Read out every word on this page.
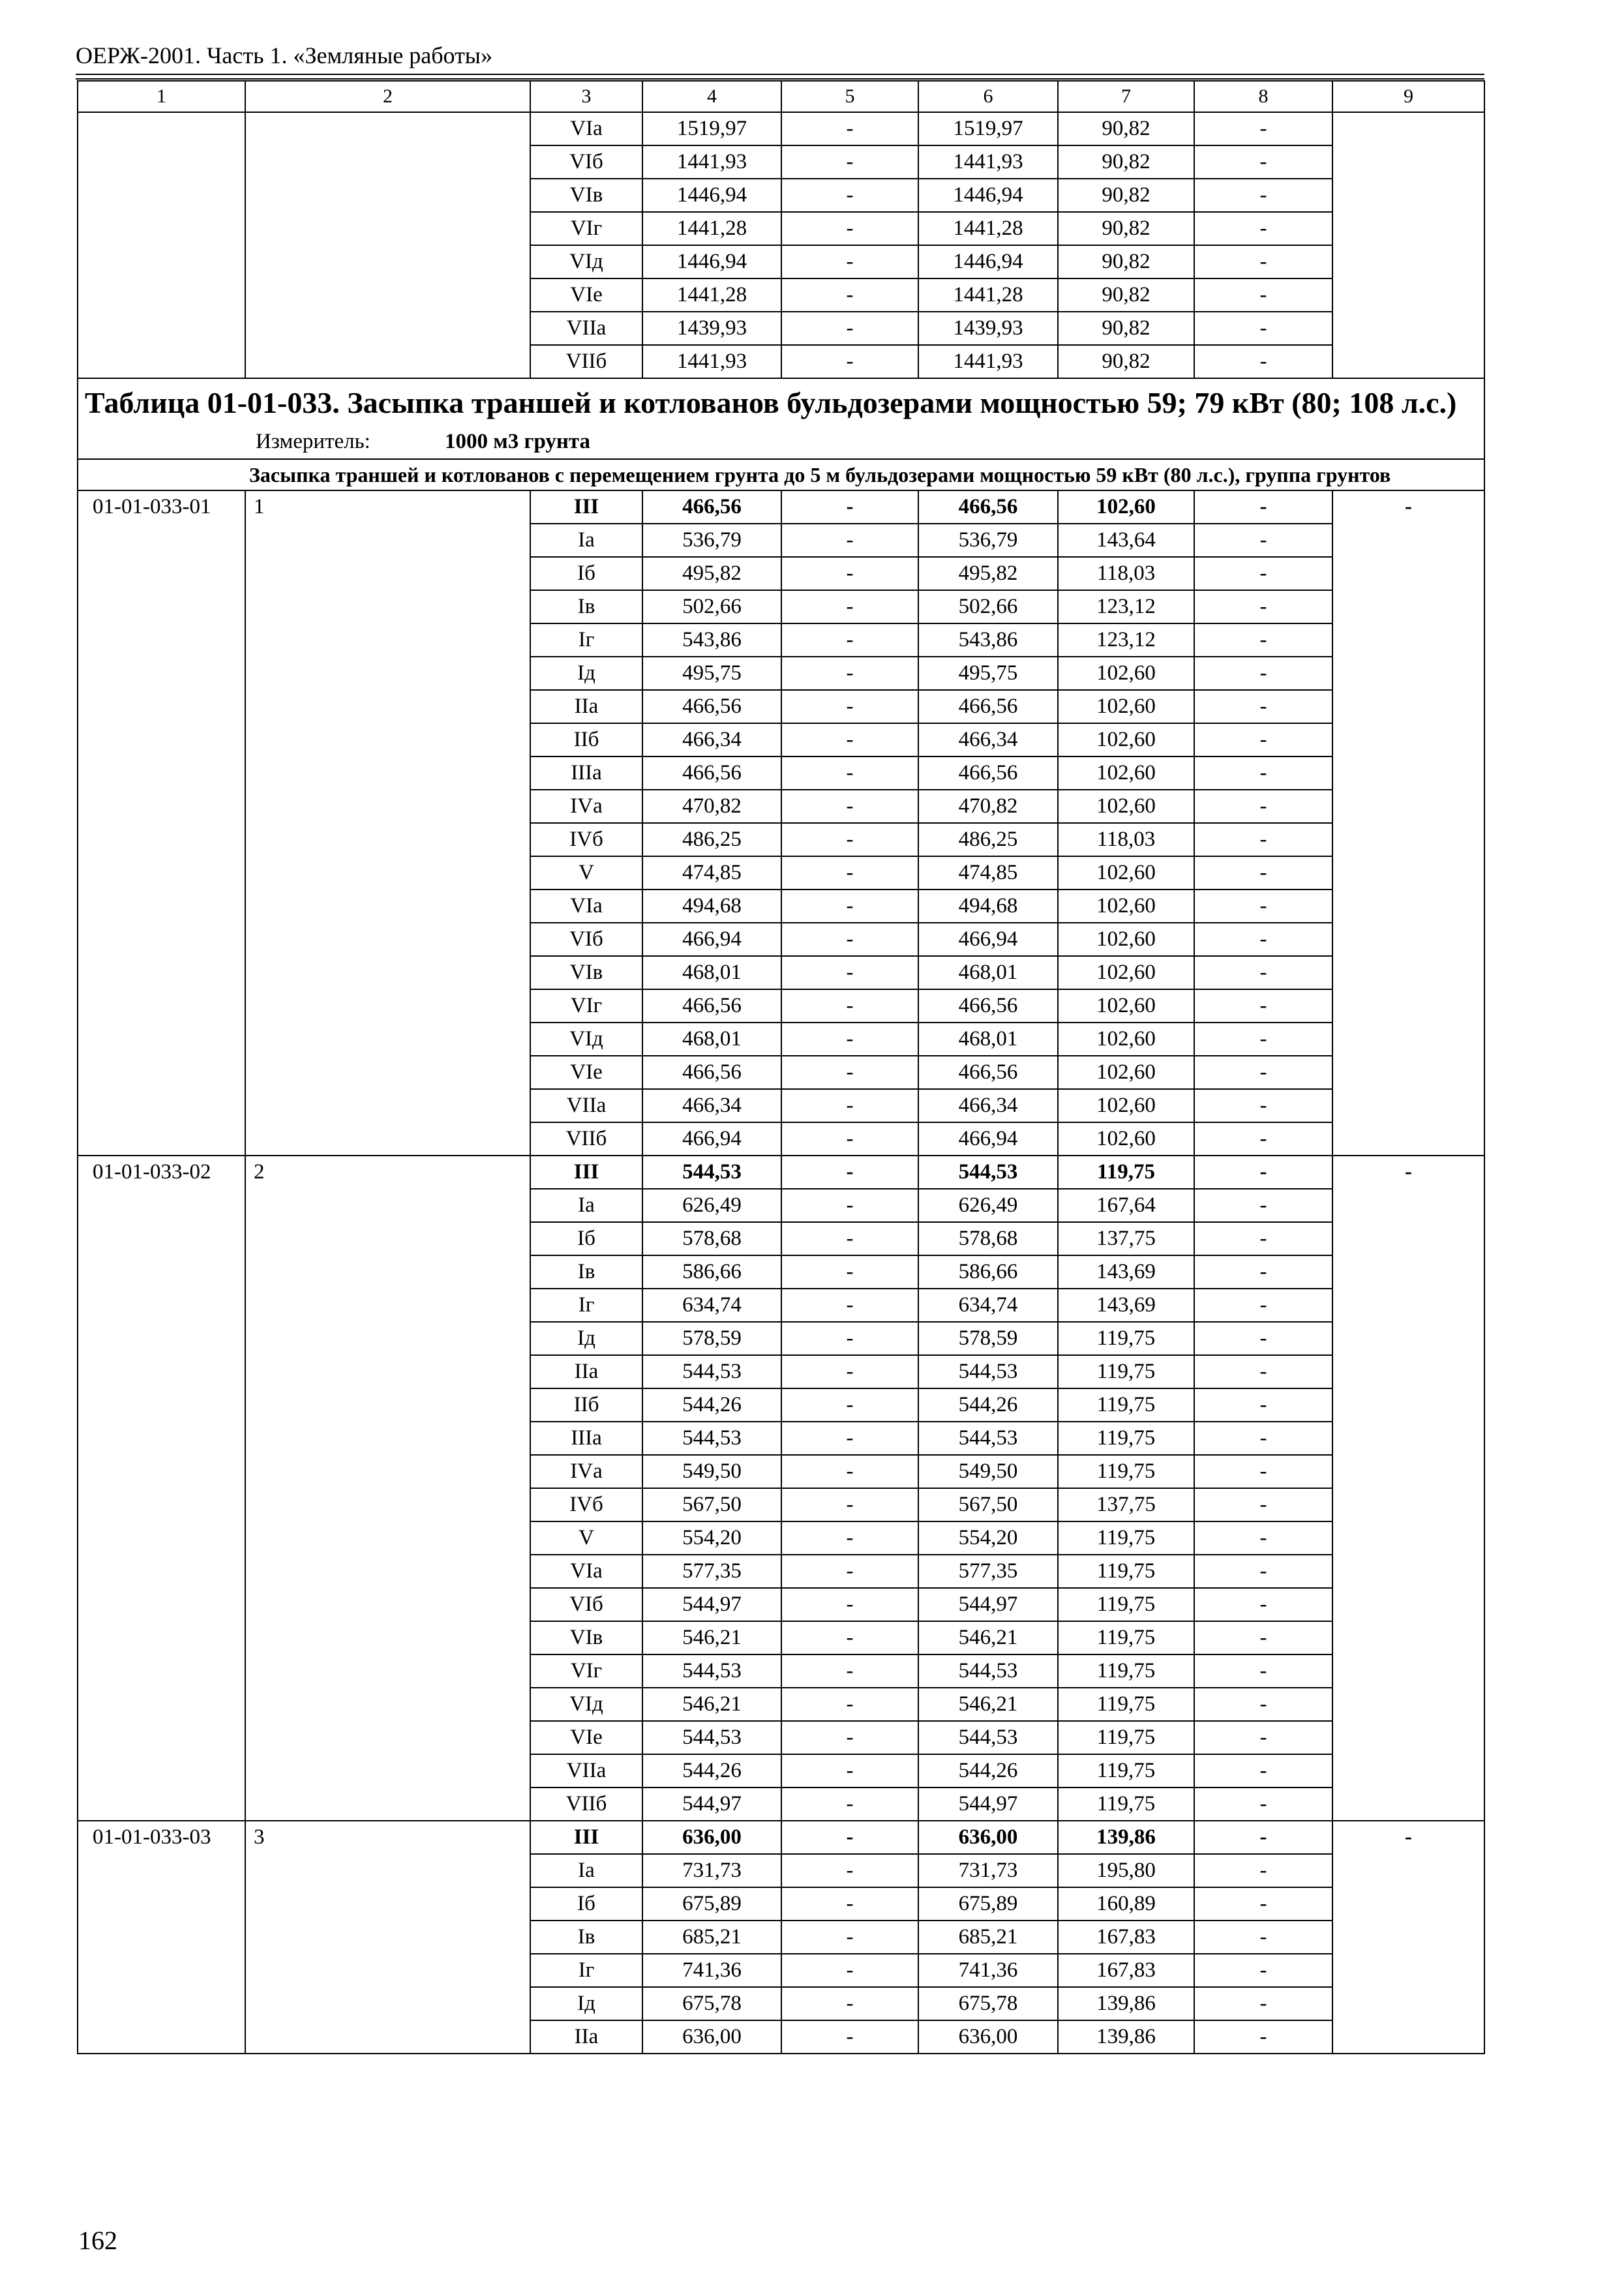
ОЕРЖ-2001. Часть 1. «Земляные работы»
1	2	3	4	5	6	7	8	9
		VIа	1519,97	-	1519,97	90,82	-	
		VIб	1441,93	-	1441,93	90,82	-	
		VIв	1446,94	-	1446,94	90,82	-	
		VIг	1441,28	-	1441,28	90,82	-	
		VIд	1446,94	-	1446,94	90,82	-	
		VIе	1441,28	-	1441,28	90,82	-	
		VIIа	1439,93	-	1439,93	90,82	-	
		VIIб	1441,93	-	1441,93	90,82	-	

Таблица 01-01-033. Засыпка траншей и котлованов бульдозерами мощностью 59; 79 кВт (80; 108 л.с.)
Измеритель: 1000 м3 грунта								

Засыпка траншей и котлованов с перемещением грунта до 5 м бульдозерами мощностью 59 кВт (80 л.с.), группа грунтов								
01-01-033-01	1	III	466,56	-	466,56	102,60	-	-
		Iа	536,79	-	536,79	143,64	-	
		Iб	495,82	-	495,82	118,03	-	
		Iв	502,66	-	502,66	123,12	-	
		Iг	543,86	-	543,86	123,12	-	
		Iд	495,75	-	495,75	102,60	-	
		IIа	466,56	-	466,56	102,60	-	
		IIб	466,34	-	466,34	102,60	-	
		IIIа	466,56	-	466,56	102,60	-	
		IVа	470,82	-	470,82	102,60	-	
		IVб	486,25	-	486,25	118,03	-	
		V	474,85	-	474,85	102,60	-	
		VIа	494,68	-	494,68	102,60	-	
		VIб	466,94	-	466,94	102,60	-	
		VIв	468,01	-	468,01	102,60	-	
		VIг	466,56	-	466,56	102,60	-	
		VIд	468,01	-	468,01	102,60	-	
		VIе	466,56	-	466,56	102,60	-	
		VIIа	466,34	-	466,34	102,60	-	
		VIIб	466,94	-	466,94	102,60	-	
01-01-033-02	2	III	544,53	-	544,53	119,75	-	-
		Iа	626,49	-	626,49	167,64	-	
		Iб	578,68	-	578,68	137,75	-	
		Iв	586,66	-	586,66	143,69	-	
		Iг	634,74	-	634,74	143,69	-	
		Iд	578,59	-	578,59	119,75	-	
		IIа	544,53	-	544,53	119,75	-	
		IIб	544,26	-	544,26	119,75	-	
		IIIа	544,53	-	544,53	119,75	-	
		IVа	549,50	-	549,50	119,75	-	
		IVб	567,50	-	567,50	137,75	-	
		V	554,20	-	554,20	119,75	-	
		VIа	577,35	-	577,35	119,75	-	
		VIб	544,97	-	544,97	119,75	-	
		VIв	546,21	-	546,21	119,75	-	
		VIг	544,53	-	544,53	119,75	-	
		VIд	546,21	-	546,21	119,75	-	
		VIе	544,53	-	544,53	119,75	-	
		VIIа	544,26	-	544,26	119,75	-	
		VIIб	544,97	-	544,97	119,75	-	
01-01-033-03	3	III	636,00	-	636,00	139,86	-	-
		Iа	731,73	-	731,73	195,80	-	
		Iб	675,89	-	675,89	160,89	-	
		Iв	685,21	-	685,21	167,83	-	
		Iг	741,36	-	741,36	167,83	-	
		Iд	675,78	-	675,78	139,86	-	
		IIа	636,00	-	636,00	139,86	-	
162
